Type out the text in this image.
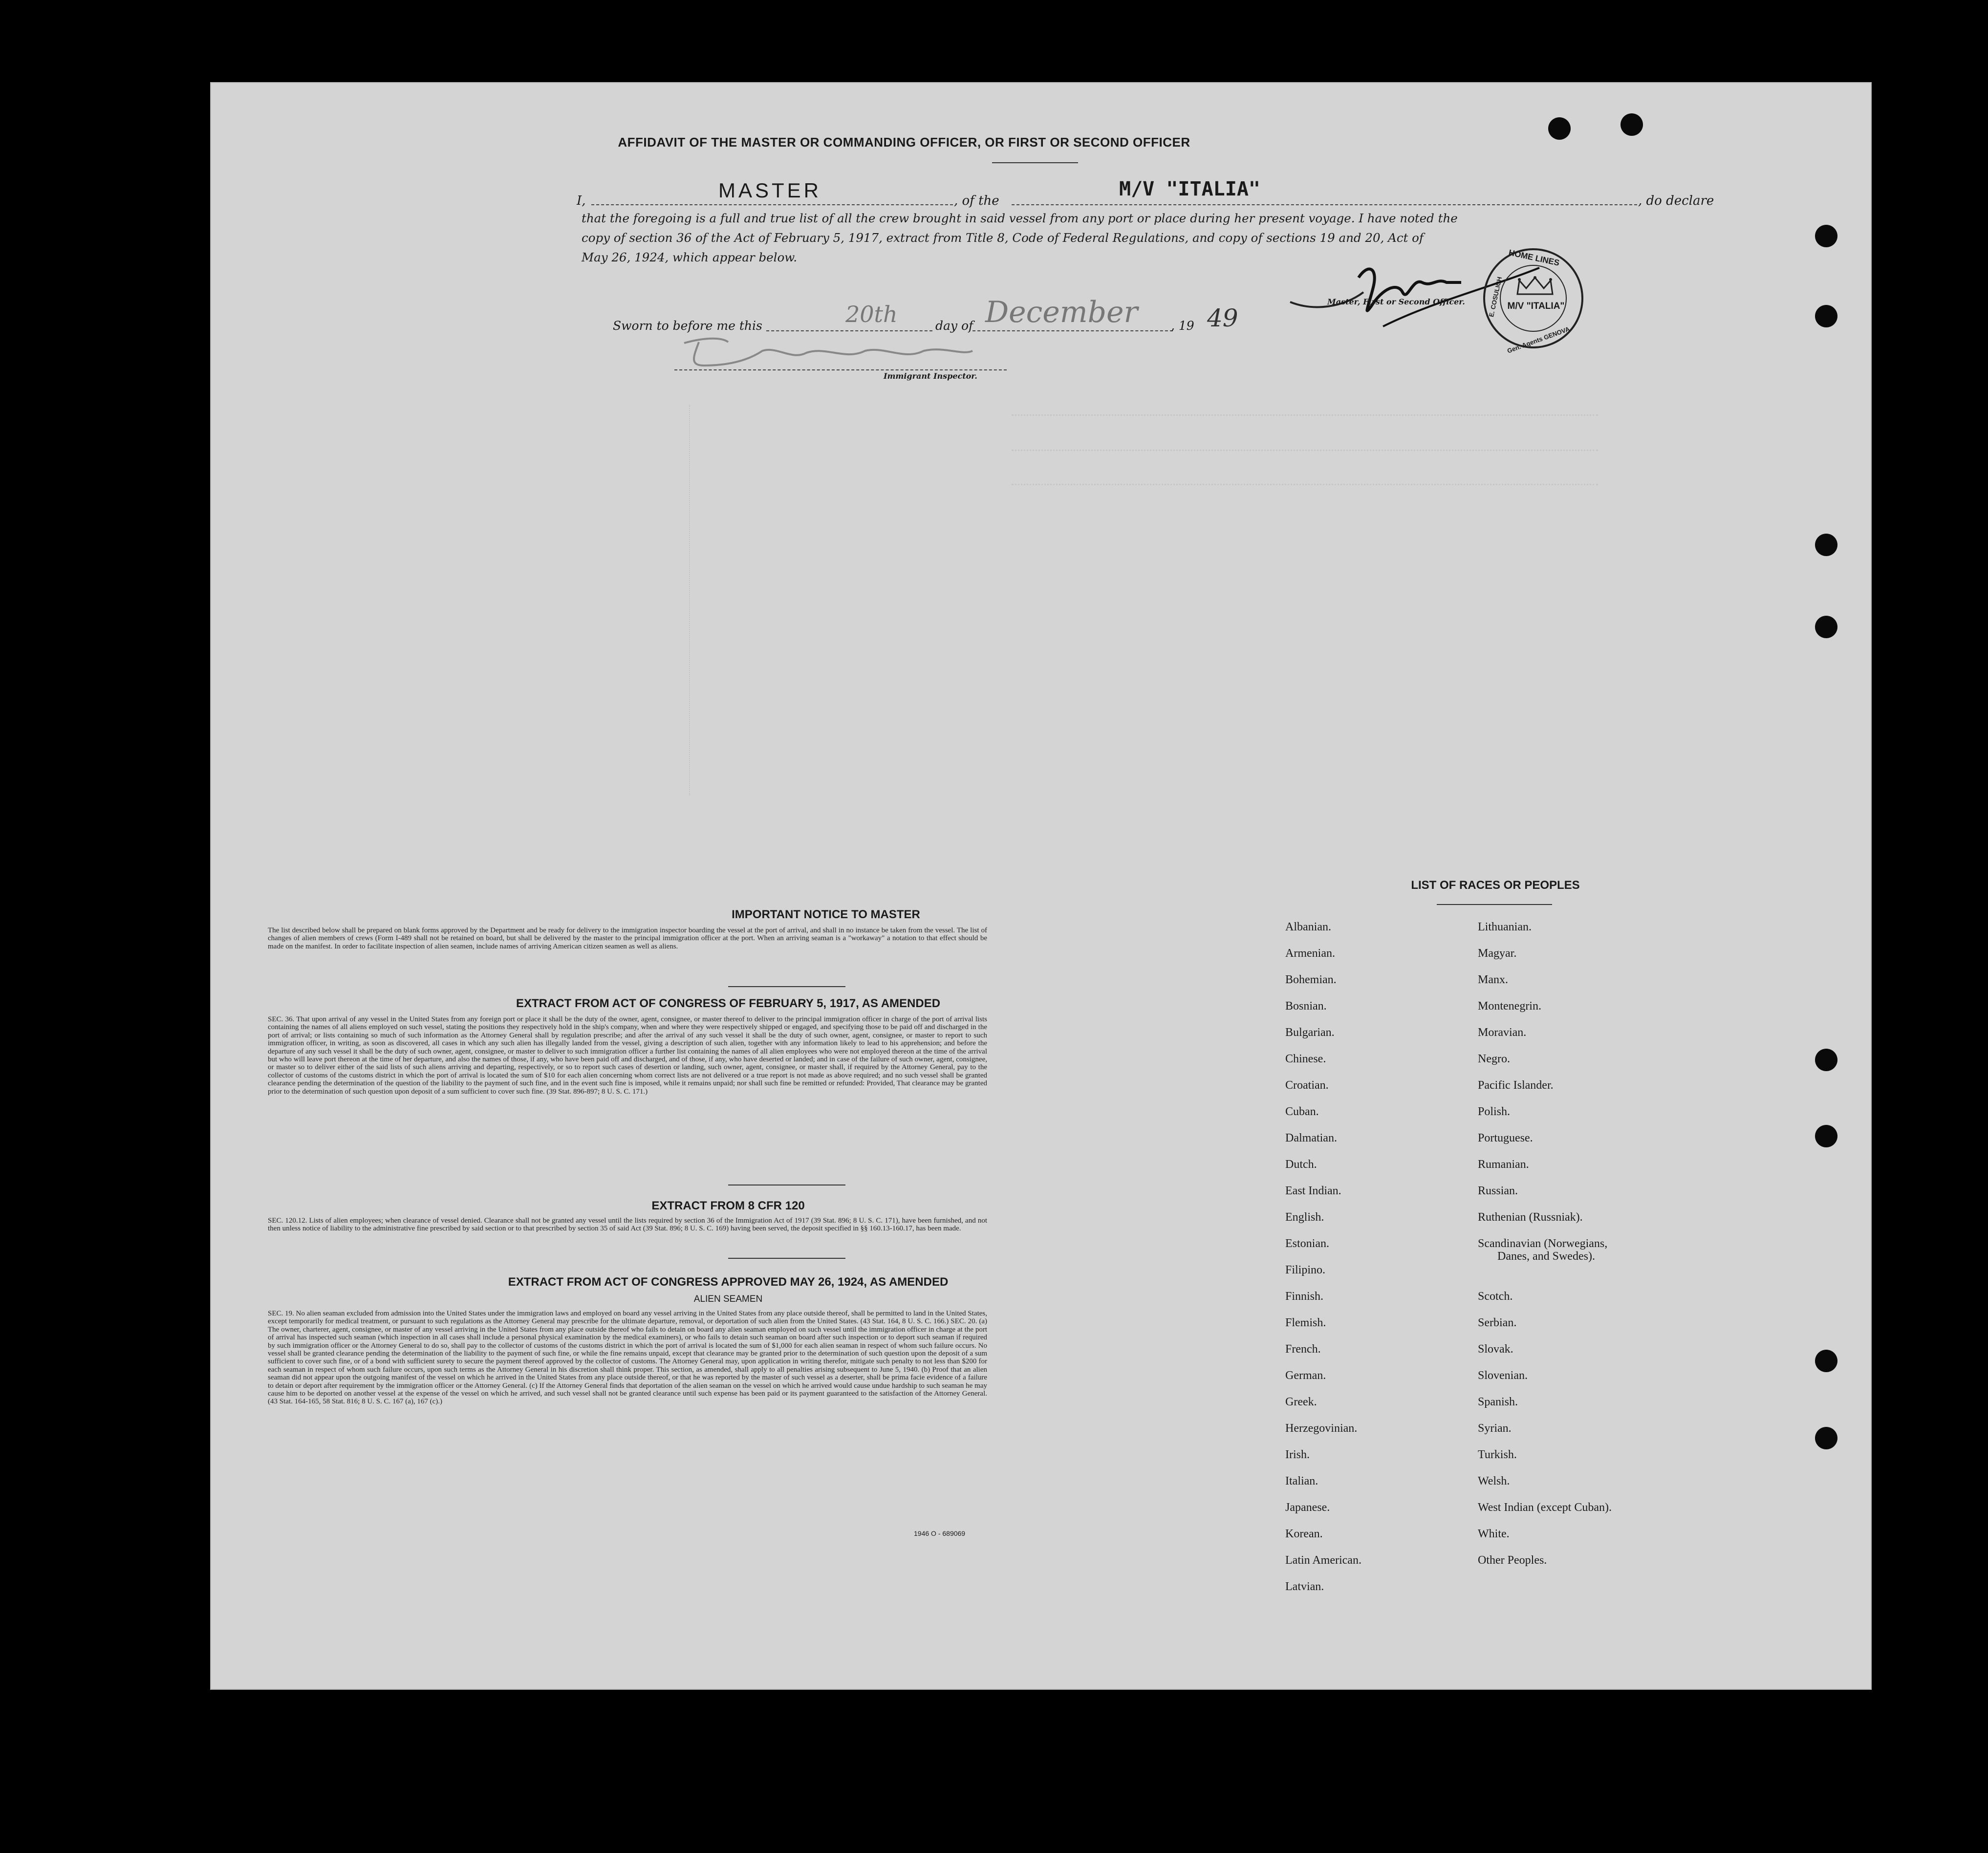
AFFIDAVIT OF THE MASTER OR COMMANDING OFFICER, OR FIRST OR SECOND OFFICER
I,	MASTER	, of the
M/V "ITALIA"
, do declare
that the foregoing is a full and true list of all the crew brought in said vessel from any port or place during her present voyage. I have noted the
copy of section 36 of the Act of February 5, 1917, extract from Title 8, Code of Federal Regulations, and copy of sections 19 and 20, Act of
May 26, 1924, which appear below.
Master, First or Second Officer.
HOME LINES
E. COSULICH
Gen. Agents GENOVA
M/V "ITALIA"
Sworn to before me this	20th	day of December	, 19 49
Immigrant Inspector.
IMPORTANT NOTICE TO MASTER
The list described below shall be prepared on blank forms approved by the Department and be ready for delivery to the immigration inspector boarding the vessel at the port of arrival, and shall in no instance be taken from the vessel. The list of changes of alien members of crews (Form I-489 shall not be retained on board, but shall be delivered by the master to the principal immigration officer at the port. When an arriving seaman is a "workaway" a notation to that effect should be made on the manifest. In order to facilitate inspection of alien seamen, include names of arriving American citizen seamen as well as aliens.
EXTRACT FROM ACT OF CONGRESS OF FEBRUARY 5, 1917, AS AMENDED
SEC. 36. That upon arrival of any vessel in the United States from any foreign port or place it shall be the duty of the owner, agent, consignee, or master thereof to deliver to the principal immigration officer in charge of the port of arrival lists containing the names of all aliens employed on such vessel, stating the positions they respectively hold in the ship's company, when and where they were respectively shipped or engaged, and specifying those to be paid off and discharged in the port of arrival; or lists containing so much of such information as the Attorney General shall by regulation prescribe; and after the arrival of any such vessel it shall be the duty of such owner, agent, consignee, or master to report to such immigration officer, in writing, as soon as discovered, all cases in which any such alien has illegally landed from the vessel, giving a description of such alien, together with any information likely to lead to his apprehension; and before the departure of any such vessel it shall be the duty of such owner, agent, consignee, or master to deliver to such immigration officer a further list containing the names of all alien employees who were not employed thereon at the time of the arrival but who will leave port thereon at the time of her departure, and also the names of those, if any, who have been paid off and discharged, and of those, if any, who have deserted or landed; and in case of the failure of such owner, agent, consignee, or master so to deliver either of the said lists of such aliens arriving and departing, respectively, or so to report such cases of desertion or landing, such owner, agent, consignee, or master shall, if required by the Attorney General, pay to the collector of customs of the customs district in which the port of arrival is located the sum of $10 for each alien concerning whom correct lists are not delivered or a true report is not made as above required; and no such vessel shall be granted clearance pending the determination of the question of the liability to the payment of such fine, and in the event such fine is imposed, while it remains unpaid; nor shall such fine be remitted or refunded: Provided, That clearance may be granted prior to the determination of such question upon deposit of a sum sufficient to cover such fine. (39 Stat. 896-897; 8 U. S. C. 171.)
EXTRACT FROM 8 CFR 120
SEC. 120.12. Lists of alien employees; when clearance of vessel denied. Clearance shall not be granted any vessel until the lists required by section 36 of the Immigration Act of 1917 (39 Stat. 896; 8 U. S. C. 171), have been furnished, and not then unless notice of liability to the administrative fine prescribed by said section or to that prescribed by section 35 of said Act (39 Stat. 896; 8 U. S. C. 169) having been served, the deposit specified in §§ 160.13-160.17, has been made.
EXTRACT FROM ACT OF CONGRESS APPROVED MAY 26, 1924, AS AMENDED
ALIEN SEAMEN
SEC. 19. No alien seaman excluded from admission into the United States under the immigration laws and employed on board any vessel arriving in the United States from any place outside thereof, shall be permitted to land in the United States, except temporarily for medical treatment, or pursuant to such regulations as the Attorney General may prescribe for the ultimate departure, removal, or deportation of such alien from the United States. (43 Stat. 164, 8 U. S. C. 166.) SEC. 20. (a) The owner, charterer, agent, consignee, or master of any vessel arriving in the United States from any place outside thereof who fails to detain on board any alien seaman employed on such vessel until the immigration officer in charge at the port of arrival has inspected such seaman (which inspection in all cases shall include a personal physical examination by the medical examiners), or who fails to detain such seaman on board after such inspection or to deport such seaman if required by such immigration officer or the Attorney General to do so, shall pay to the collector of customs of the customs district in which the port of arrival is located the sum of $1,000 for each alien seaman in respect of whom such failure occurs. No vessel shall be granted clearance pending the determination of the liability to the payment of such fine, or while the fine remains unpaid, except that clearance may be granted prior to the determination of such question upon the deposit of a sum sufficient to cover such fine, or of a bond with sufficient surety to secure the payment thereof approved by the collector of customs. The Attorney General may, upon application in writing therefor, mitigate such penalty to not less than $200 for each seaman in respect of whom such failure occurs, upon such terms as the Attorney General in his discretion shall think proper. This section, as amended, shall apply to all penalties arising subsequent to June 5, 1940. (b) Proof that an alien seaman did not appear upon the outgoing manifest of the vessel on which he arrived in the United States from any place outside thereof, or that he was reported by the master of such vessel as a deserter, shall be prima facie evidence of a failure to detain or deport after requirement by the immigration officer or the Attorney General. (c) If the Attorney General finds that deportation of the alien seaman on the vessel on which he arrived would cause undue hardship to such seaman he may cause him to be deported on another vessel at the expense of the vessel on which he arrived, and such vessel shall not be granted clearance until such expense has been paid or its payment guaranteed to the satisfaction of the Attorney General. (43 Stat. 164-165, 58 Stat. 816; 8 U. S. C. 167 (a), 167 (c).)
1946 O - 689069
LIST OF RACES OR PEOPLES
Albanian.
Armenian.
Bohemian.
Bosnian.
Bulgarian.
Chinese.
Croatian.
Cuban.
Dalmatian.
Dutch.
East Indian.
English.
Estonian.
Filipino.
Finnish.
Flemish.
French.
German.
Greek.
Herzegovinian.
Irish.
Italian.
Japanese.
Korean.
Latin American.
Latvian.
Lithuanian.
Magyar.
Manx.
Montenegrin.
Moravian.
Negro.
Pacific Islander.
Polish.
Portuguese.
Rumanian.
Russian.
Ruthenian (Russniak).
Scandinavian (Norwegians,
Danes, and Swedes).
Scotch.
Serbian.
Slovak.
Slovenian.
Spanish.
Syrian.
Turkish.
Welsh.
West Indian (except Cuban).
White.
Other Peoples.
